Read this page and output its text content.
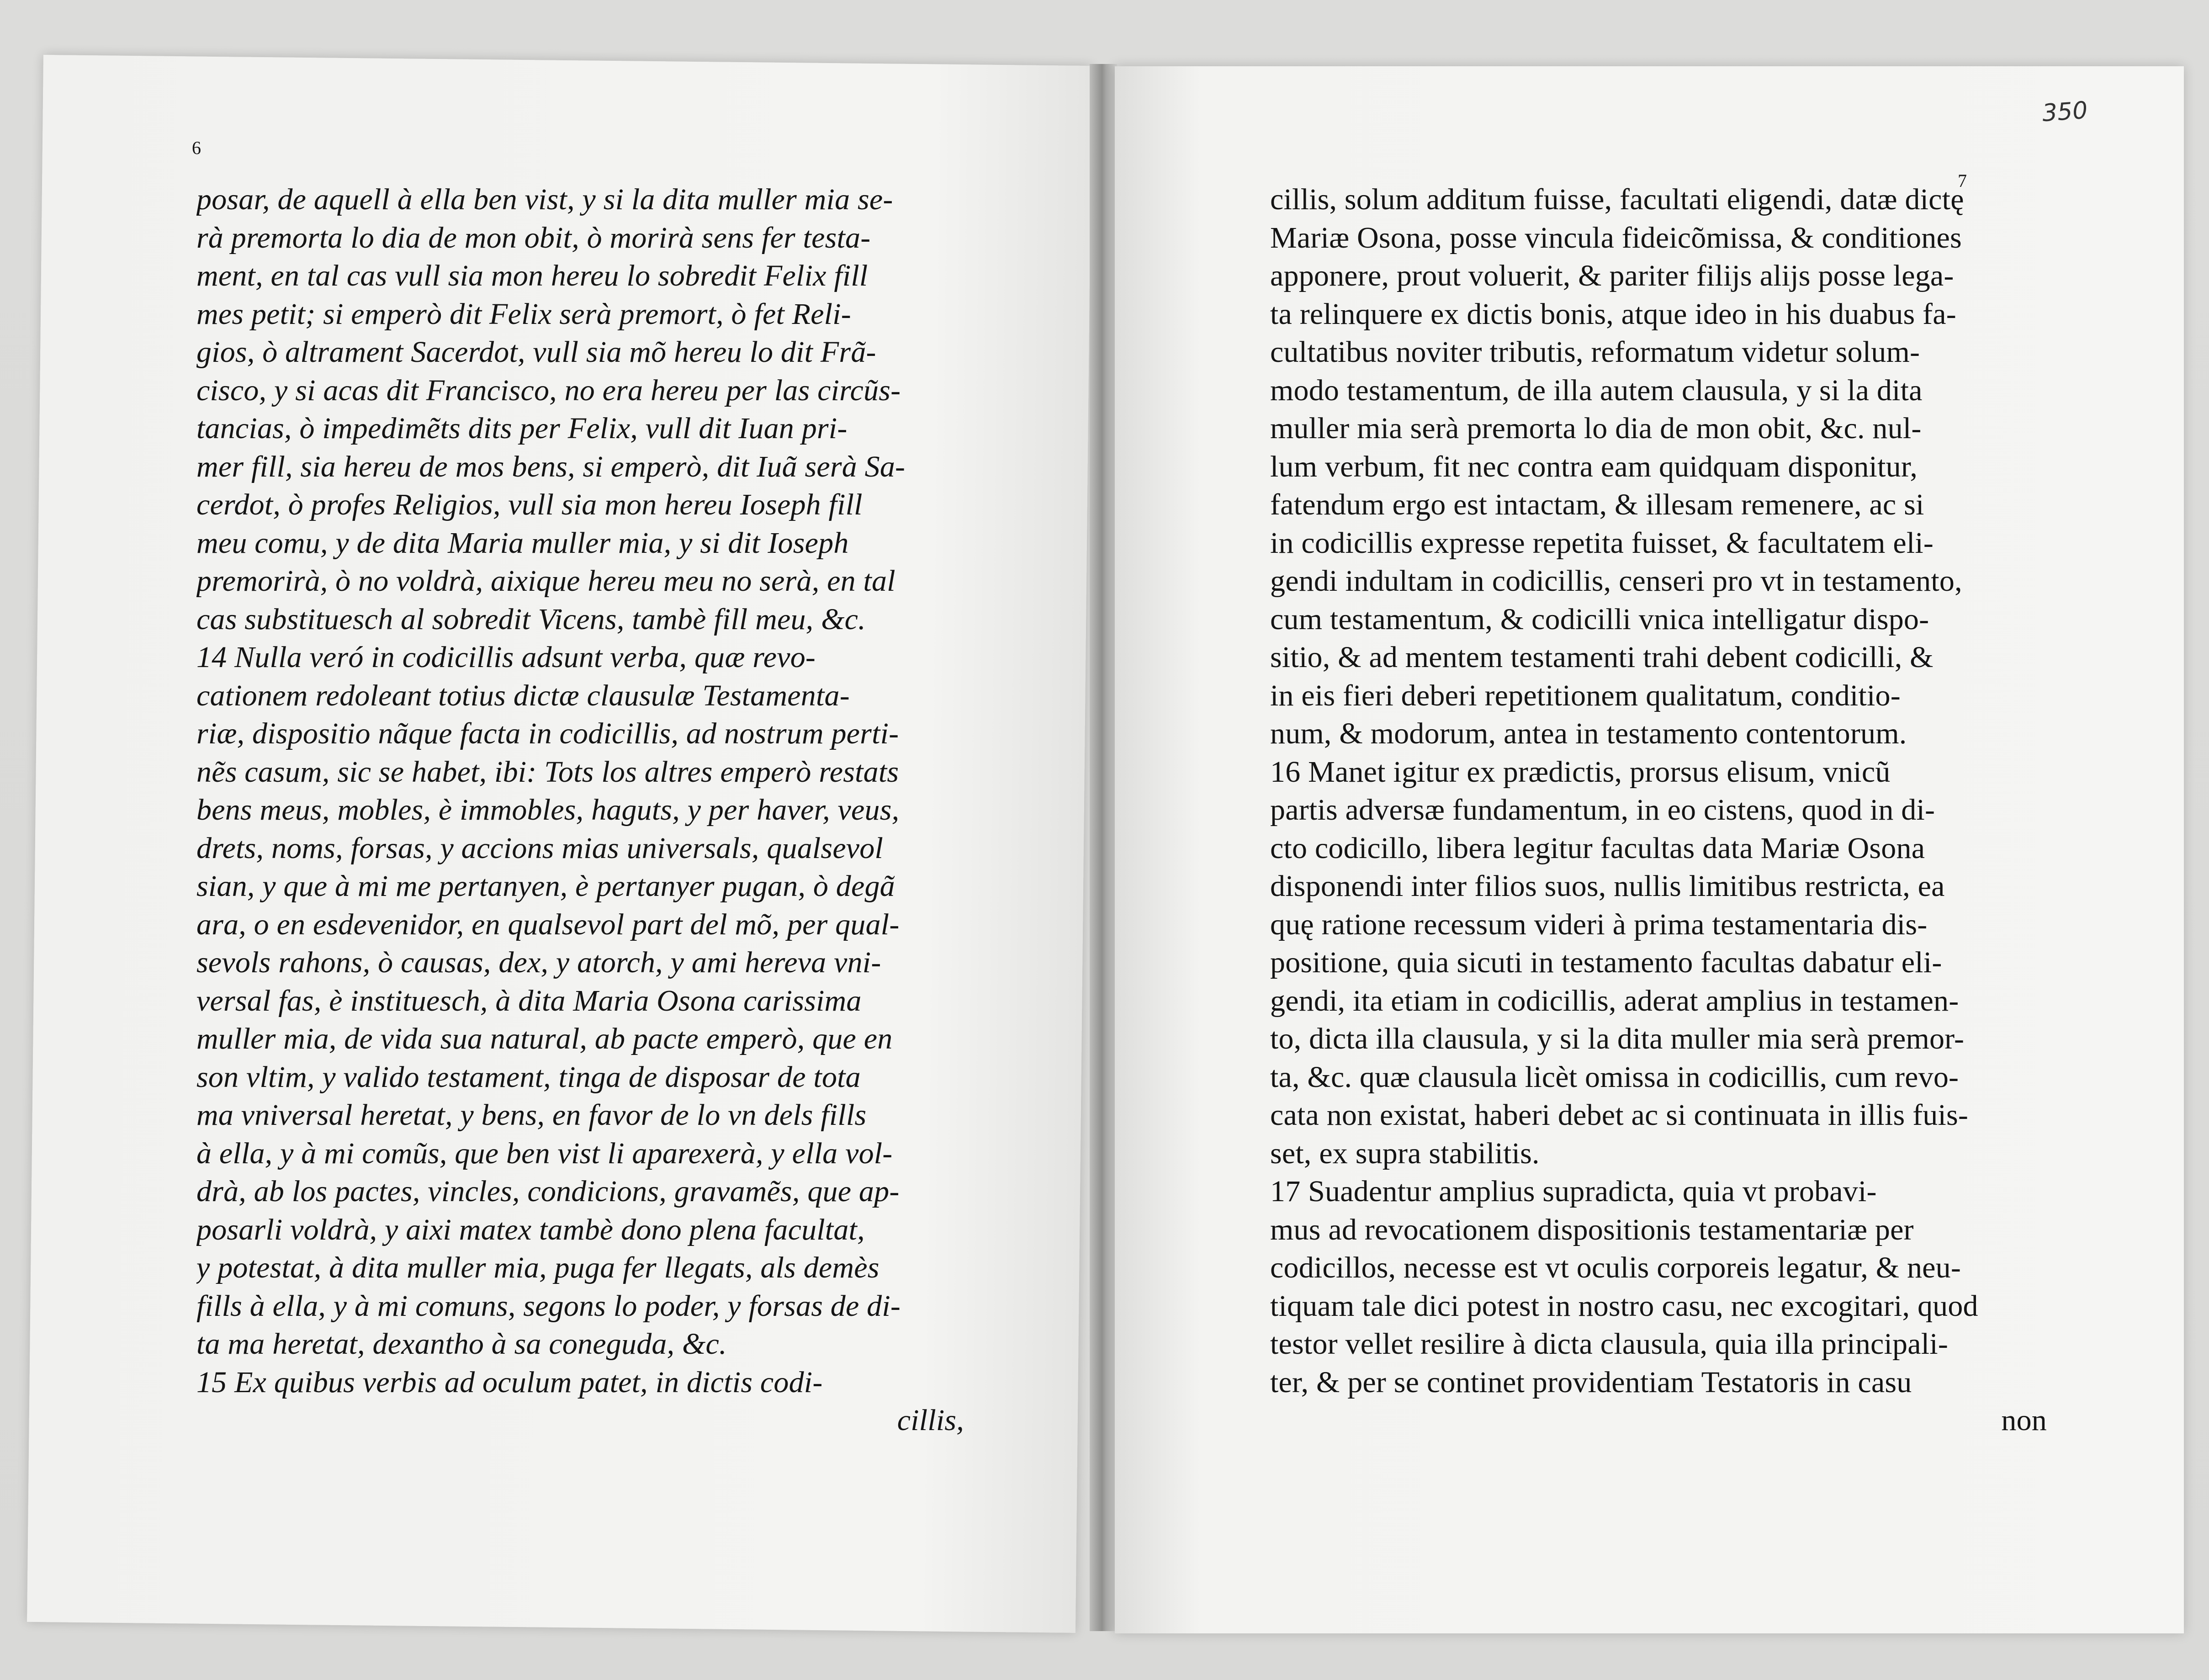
6
7
350
posar, de aquell à ella ben vist, y si la dita muller mia se-
rà premorta lo dia de mon obit, ò morirà sens fer testa-
ment, en tal cas vull sia mon hereu lo sobredit Felix fill
mes petit; si emperò dit Felix serà premort, ò fet Reli-
gios, ò altrament Sacerdot, vull sia mõ hereu lo dit Frã-
cisco, y si acas dit Francisco, no era hereu per las circũs-
tancias, ò impedimẽts dits per Felix, vull dit Iuan pri-
mer fill, sia hereu de mos bens, si emperò, dit Iuã serà Sa-
cerdot, ò profes Religios, vull sia mon hereu Ioseph fill
meu comu, y de dita Maria muller mia, y si dit Ioseph
premorirà, ò no voldrà, aixique hereu meu no serà, en tal
cas substituesch al sobredit Vicens, tambè fill meu, &c.
14 Nulla veró in codicillis adsunt verba, quæ revo-
cationem redoleant totius dictæ clausulæ Testamenta-
riæ, dispositio nãque facta in codicillis, ad nostrum perti-
nẽs casum, sic se habet, ibi: Tots los altres emperò restats
bens meus, mobles, è immobles, haguts, y per haver, veus,
drets, noms, forsas, y accions mias universals, qualsevol
sian, y que à mi me pertanyen, è pertanyer pugan, ò degã
ara, o en esdevenidor, en qualsevol part del mõ, per qual-
sevols rahons, ò causas, dex, y atorch, y ami hereva vni-
versal fas, è instituesch, à dita Maria Osona carissima
muller mia, de vida sua natural, ab pacte emperò, que en
son vltim, y valido testament, tinga de disposar de tota
ma vniversal heretat, y bens, en favor de lo vn dels fills
à ella, y à mi comũs, que ben vist li aparexerà, y ella vol-
drà, ab los pactes, vincles, condicions, gravamẽs, que ap-
posarli voldrà, y aixi matex tambè dono plena facultat,
y potestat, à dita muller mia, puga fer llegats, als demès
fills à ella, y à mi comuns, segons lo poder, y forsas de di-
ta ma heretat, dexantho à sa coneguda, &c.
15 Ex quibus verbis ad oculum patet, in dictis codi-
cillis,
cillis, solum additum fuisse, facultati eligendi, datæ dictę
Mariæ Osona, posse vincula fideicõmissa, & conditiones
apponere, prout voluerit, & pariter filijs alijs posse lega-
ta relinquere ex dictis bonis, atque ideo in his duabus fa-
cultatibus noviter tributis, reformatum videtur solum-
modo testamentum, de illa autem clausula, y si la dita
muller mia serà premorta lo dia de mon obit, &c. nul-
lum verbum, fit nec contra eam quidquam disponitur,
fatendum ergo est intactam, & illesam remenere, ac si
in codicillis expresse repetita fuisset, & facultatem eli-
gendi indultam in codicillis, censeri pro vt in testamento,
cum testamentum, & codicilli vnica intelligatur dispo-
sitio, & ad mentem testamenti trahi debent codicilli, &
in eis fieri deberi repetitionem qualitatum, conditio-
num, & modorum, antea in testamento contentorum.
16 Manet igitur ex prædictis, prorsus elisum, vnicũ
partis adversæ fundamentum, in eo cistens, quod in di-
cto codicillo, libera legitur facultas data Mariæ Osona
disponendi inter filios suos, nullis limitibus restricta, ea
quę ratione recessum videri à prima testamentaria dis-
positione, quia sicuti in testamento facultas dabatur eli-
gendi, ita etiam in codicillis, aderat amplius in testamen-
to, dicta illa clausula, y si la dita muller mia serà premor-
ta, &c. quæ clausula licèt omissa in codicillis, cum revo-
cata non existat, haberi debet ac si continuata in illis fuis-
set, ex supra stabilitis.
17 Suadentur amplius supradicta, quia vt probavi-
mus ad revocationem dispositionis testamentariæ per
codicillos, necesse est vt oculis corporeis legatur, & neu-
tiquam tale dici potest in nostro casu, nec excogitari, quod
testor vellet resilire à dicta clausula, quia illa principali-
ter, & per se continet providentiam Testatoris in casu
non
